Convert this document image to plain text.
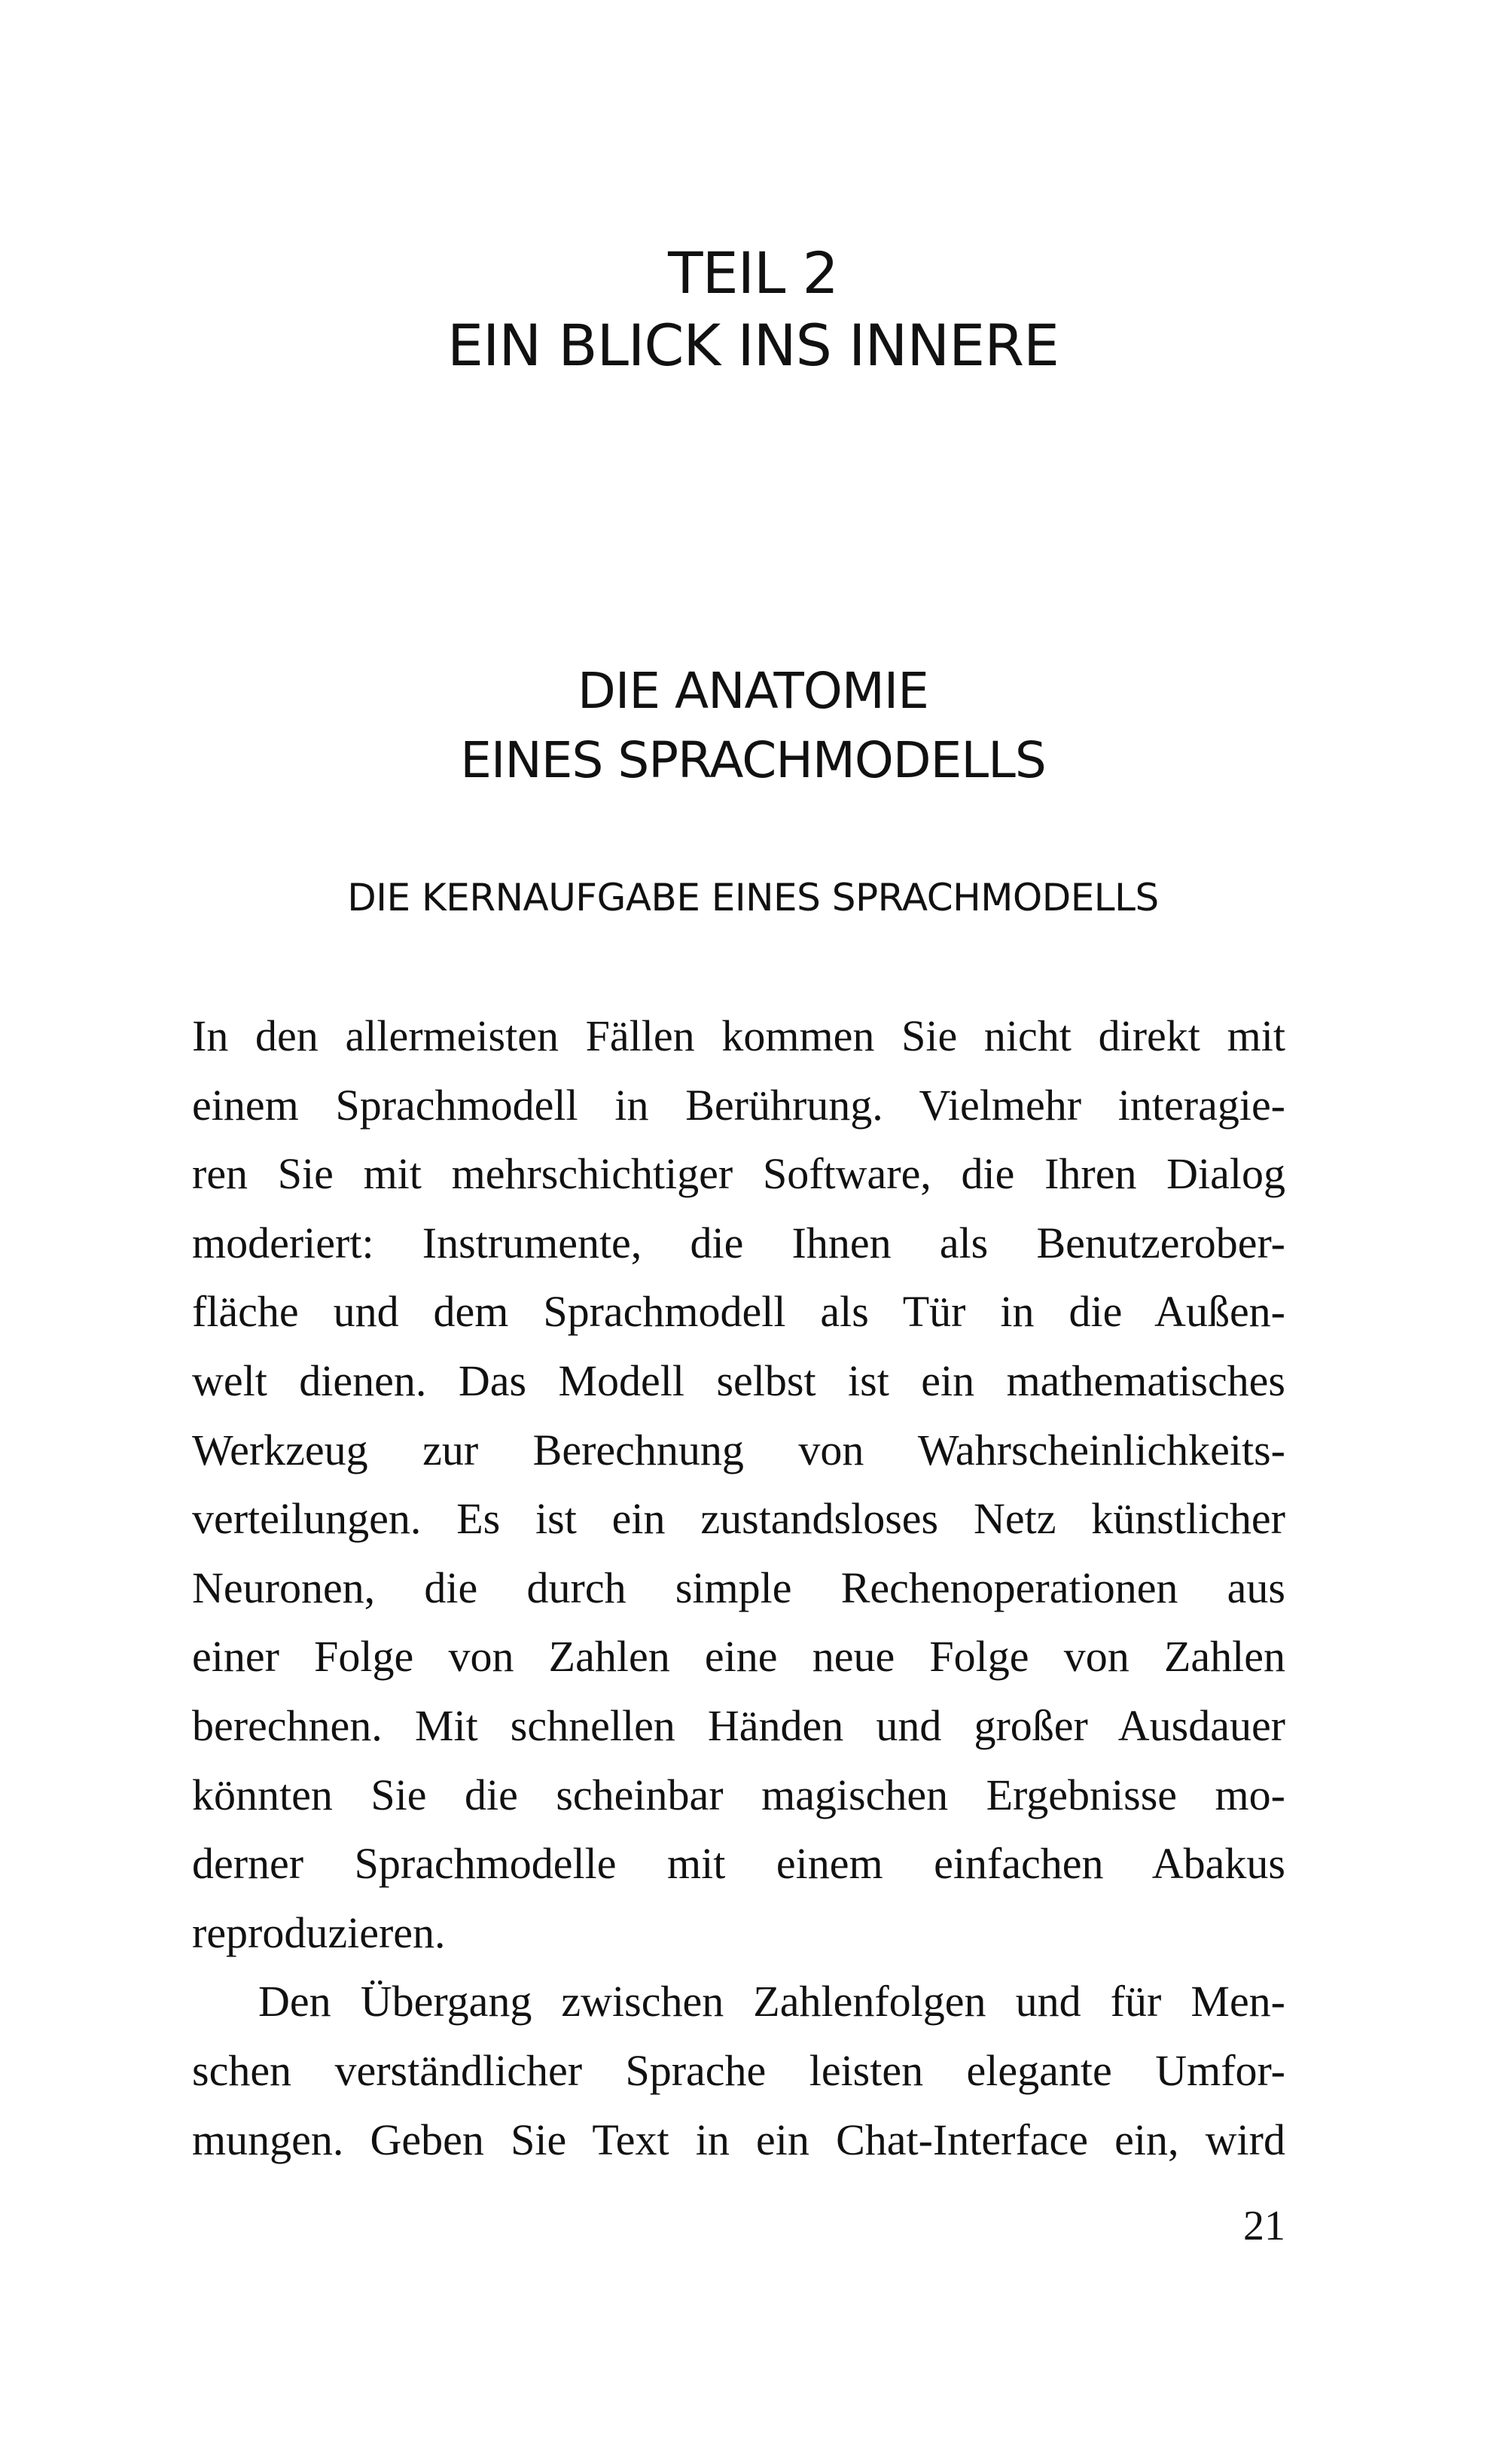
TEIL 2
EIN BLICK INS INNERE
DIE ANATOMIE
EINES SPRACHMODELLS
DIE KERNAUFGABE EINES SPRACHMODELLS
In den allermeisten Fällen kommen Sie nicht direkt mit
einem Sprachmodell in Berührung. Vielmehr interagie-
ren Sie mit mehrschichtiger Software, die Ihren Dialog
moderiert: Instrumente, die Ihnen als Benutzerober-
fläche und dem Sprachmodell als Tür in die Außen-
welt dienen. Das Modell selbst ist ein mathematisches
Werkzeug zur Berechnung von Wahrscheinlichkeits-
verteilungen. Es ist ein zustandsloses Netz künstlicher
Neuronen, die durch simple Rechenoperationen aus
einer Folge von Zahlen eine neue Folge von Zahlen
berechnen. Mit schnellen Händen und großer Ausdauer
könnten Sie die scheinbar magischen Ergebnisse mo-
derner Sprachmodelle mit einem einfachen Abakus
reproduzieren.
Den Übergang zwischen Zahlenfolgen und für Men-
schen verständlicher Sprache leisten elegante Umfor-
mungen. Geben Sie Text in ein Chat-Interface ein, wird
21
